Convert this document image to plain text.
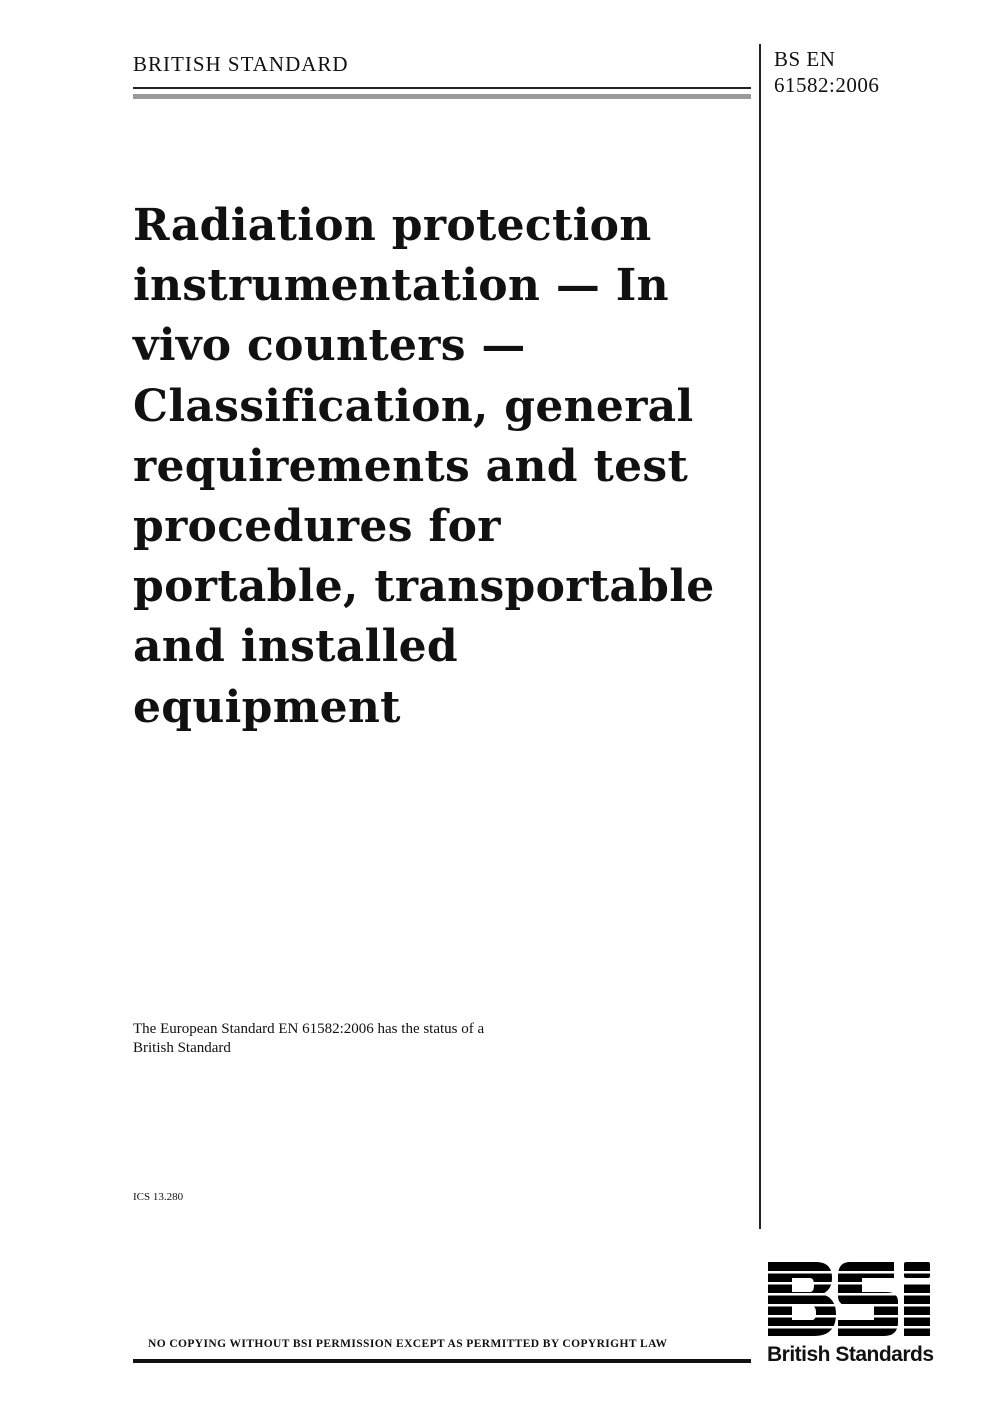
BRITISH STANDARD	BS EN
61582:2006
Radiation protection
instrumentation — In
vivo counters —
Classification, general
requirements and test
procedures for
portable, transportable
and installed
equipment
The European Standard EN 61582:2006 has the status of a
British Standard
ICS 13.280
NO COPYING WITHOUT BSI PERMISSION EXCEPT AS PERMITTED BY COPYRIGHT LAW	British Standards
